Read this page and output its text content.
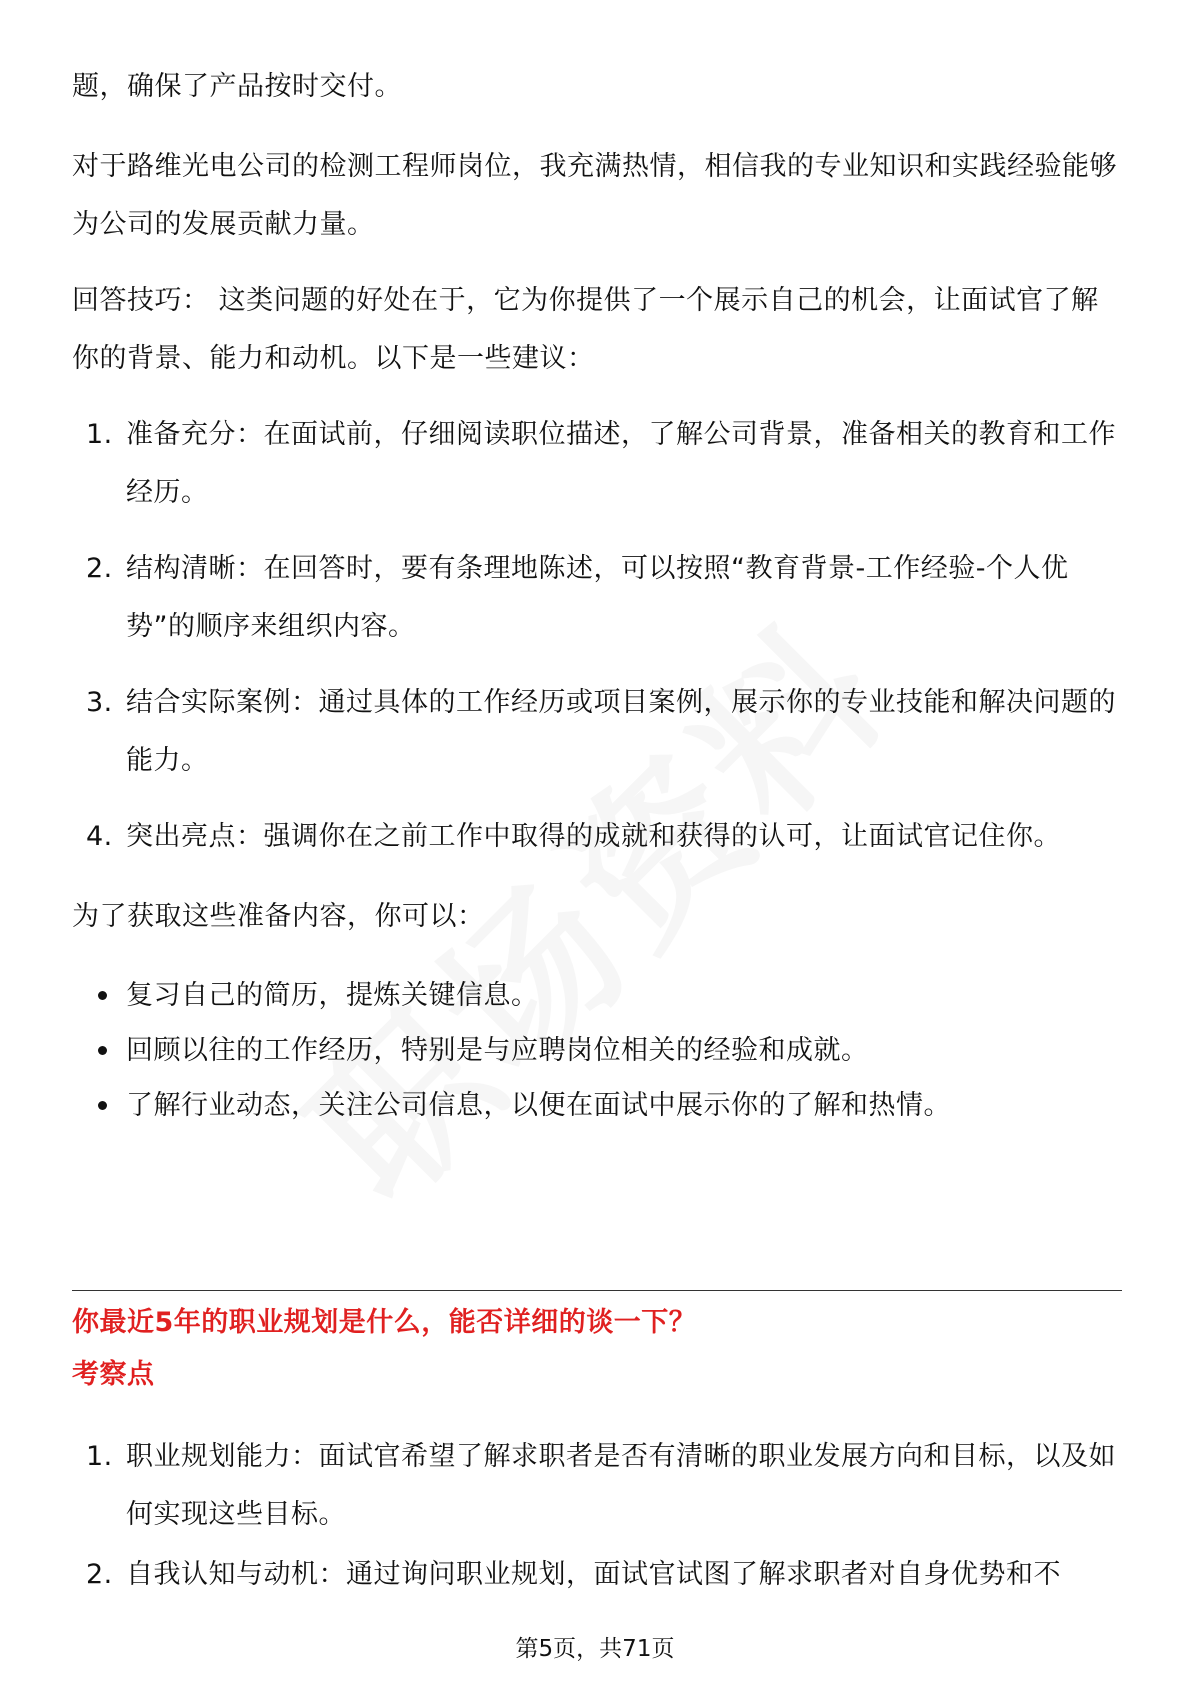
题，确保了产品按时交付。

对于路维光电公司的检测工程师岗位，我充满热情，相信我的专业知识和实践经验能够为公司的发展贡献力量。

回答技巧： 这类问题的好处在于，它为你提供了一个展示自己的机会，让面试官了解你的背景、能力和动机。以下是一些建议：

1. 准备充分：在面试前，仔细阅读职位描述，了解公司背景，准备相关的教育和工作经历。
2. 结构清晰：在回答时，要有条理地陈述，可以按照“教育背景-工作经验-个人优势”的顺序来组织内容。
3. 结合实际案例：通过具体的工作经历或项目案例，展示你的专业技能和解决问题的能力。
4. 突出亮点：强调你在之前工作中取得的成就和获得的认可，让面试官记住你。

为了获取这些准备内容，你可以：

复习自己的简历，提炼关键信息。
回顾以往的工作经历，特别是与应聘岗位相关的经验和成就。
了解行业动态，关注公司信息，以便在面试中展示你的了解和热情。
你最近5年的职业规划是什么，能否详细的谈一下？
考察点
1. 职业规划能力：面试官希望了解求职者是否有清晰的职业发展方向和目标，以及如何实现这些目标。
2. 自我认知与动机：通过询问职业规划，面试官试图了解求职者对自身优势和不
第5页，共71页
